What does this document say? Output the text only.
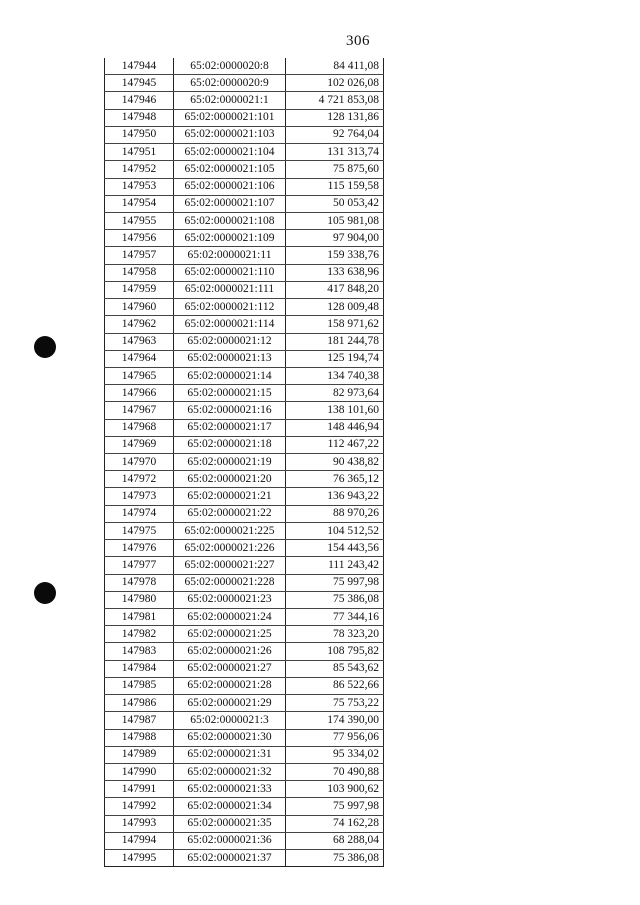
306
147944	65:02:0000020:8	84 411,08
147945	65:02:0000020:9	102 026,08
147946	65:02:0000021:1	4 721 853,08
147948	65:02:0000021:101	128 131,86
147950	65:02:0000021:103	92 764,04
147951	65:02:0000021:104	131 313,74
147952	65:02:0000021:105	75 875,60
147953	65:02:0000021:106	115 159,58
147954	65:02:0000021:107	50 053,42
147955	65:02:0000021:108	105 981,08
147956	65:02:0000021:109	97 904,00
147957	65:02:0000021:11	159 338,76
147958	65:02:0000021:110	133 638,96
147959	65:02:0000021:111	417 848,20
147960	65:02:0000021:112	128 009,48
147962	65:02:0000021:114	158 971,62
147963	65:02:0000021:12	181 244,78
147964	65:02:0000021:13	125 194,74
147965	65:02:0000021:14	134 740,38
147966	65:02:0000021:15	82 973,64
147967	65:02:0000021:16	138 101,60
147968	65:02:0000021:17	148 446,94
147969	65:02:0000021:18	112 467,22
147970	65:02:0000021:19	90 438,82
147972	65:02:0000021:20	76 365,12
147973	65:02:0000021:21	136 943,22
147974	65:02:0000021:22	88 970,26
147975	65:02:0000021:225	104 512,52
147976	65:02:0000021:226	154 443,56
147977	65:02:0000021:227	111 243,42
147978	65:02:0000021:228	75 997,98
147980	65:02:0000021:23	75 386,08
147981	65:02:0000021:24	77 344,16
147982	65:02:0000021:25	78 323,20
147983	65:02:0000021:26	108 795,82
147984	65:02:0000021:27	85 543,62
147985	65:02:0000021:28	86 522,66
147986	65:02:0000021:29	75 753,22
147987	65:02:0000021:3	174 390,00
147988	65:02:0000021:30	77 956,06
147989	65:02:0000021:31	95 334,02
147990	65:02:0000021:32	70 490,88
147991	65:02:0000021:33	103 900,62
147992	65:02:0000021:34	75 997,98
147993	65:02:0000021:35	74 162,28
147994	65:02:0000021:36	68 288,04
147995	65:02:0000021:37	75 386,08
